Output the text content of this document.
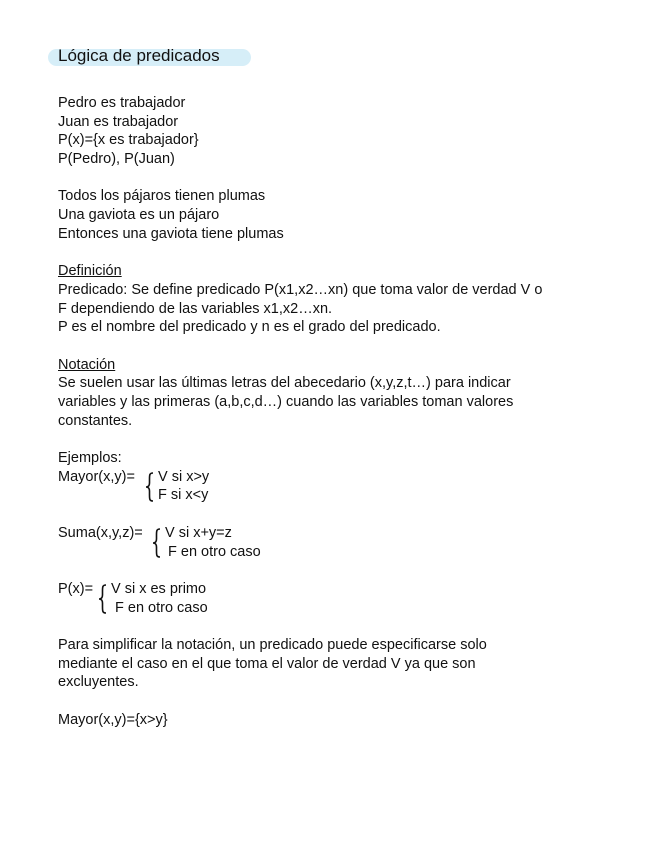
Lógica de predicados
Pedro es trabajador
Juan es trabajador
P(x)={x es trabajador}
P(Pedro), P(Juan)
Todos los pájaros tienen plumas
Una gaviota es un pájaro
Entonces una gaviota tiene plumas
Definición
Predicado: Se define predicado P(x1,x2…xn) que toma valor de verdad V o
F dependiendo de las variables x1,x2…xn.
P es el nombre del predicado y n es el grado del predicado.
Notación
Se suelen usar las últimas letras del abecedario (x,y,z,t…) para indicar
variables y las primeras (a,b,c,d…) cuando las variables toman valores
constantes.
Ejemplos:
Mayor(x,y)= V si x>y
F si x<y
Suma(x,y,z)= V si x+y=z
F en otro caso
P(x)= V si x es primo
F en otro caso
Para simplificar la notación, un predicado puede especificarse solo
mediante el caso en el que toma el valor de verdad V ya que son
excluyentes.
Mayor(x,y)={x>y}
